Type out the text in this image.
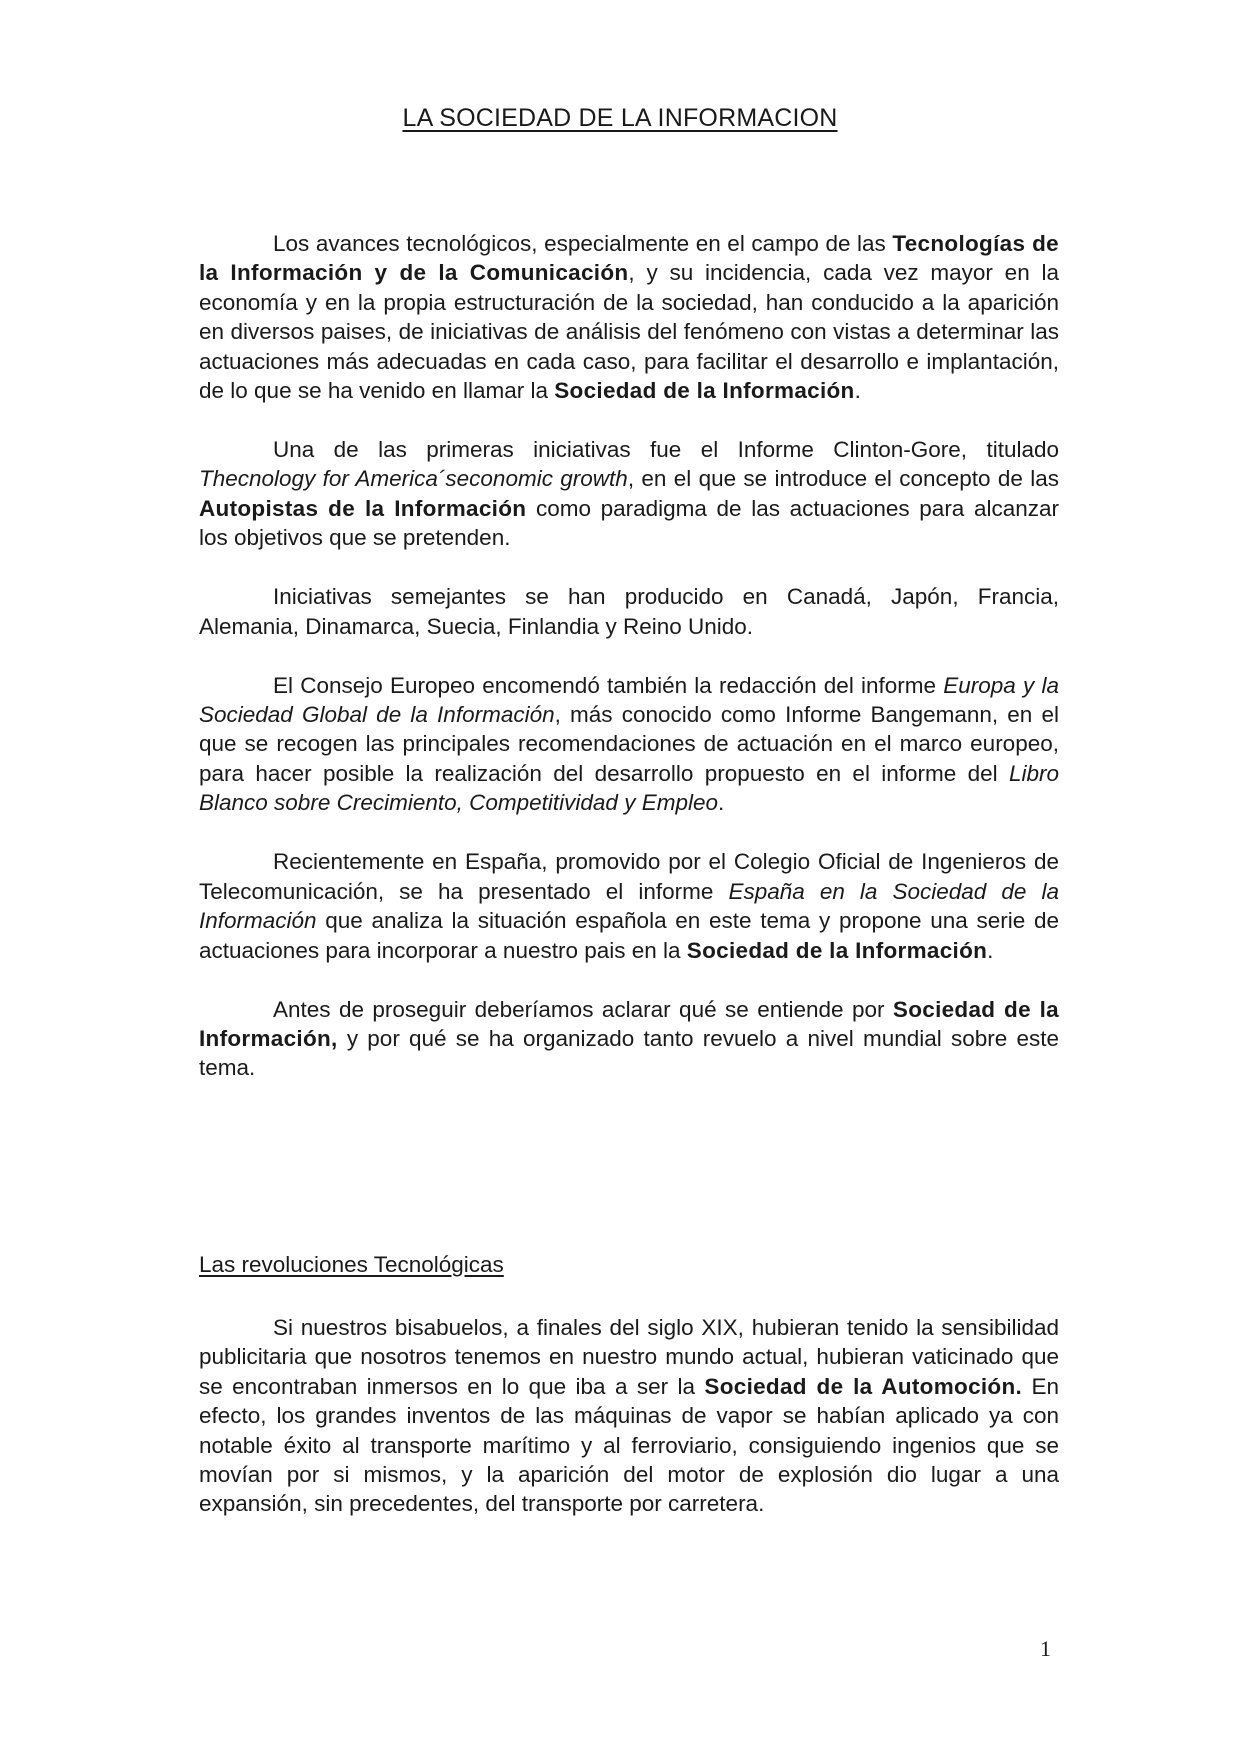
LA SOCIEDAD DE LA INFORMACION

Los avances tecnológicos, especialmente en el campo de las Tecnologías de la Información y de la Comunicación, y su incidencia, cada vez mayor en la economía y en la propia estructuración de la sociedad, han conducido a la aparición en diversos paises, de iniciativas de análisis del fenómeno con vistas a determinar las actuaciones más adecuadas en cada caso, para facilitar el desarrollo e implantación, de lo que se ha venido en llamar la Sociedad de la Información.

Una de las primeras iniciativas fue el Informe Clinton-Gore, titulado Thecnology for America´seconomic growth, en el que se introduce el concepto de las Autopistas de la Información como paradigma de las actuaciones para alcanzar los objetivos que se pretenden.

Iniciativas semejantes se han producido en Canadá, Japón, Francia, Alemania, Dinamarca, Suecia, Finlandia y Reino Unido.

El Consejo Europeo encomendó también la redacción del informe Europa y la Sociedad Global de la Información, más conocido como Informe Bangemann, en el que se recogen las principales recomendaciones de actuación en el marco europeo, para hacer posible la realización del desarrollo propuesto en el informe del Libro Blanco sobre Crecimiento, Competitividad y Empleo.

Recientemente en España, promovido por el Colegio Oficial de Ingenieros de Telecomunicación, se ha presentado el informe España en la Sociedad de la Información que analiza la situación española en este tema y propone una serie de actuaciones para incorporar a nuestro pais en la Sociedad de la Información.

Antes de proseguir deberíamos aclarar qué se entiende por Sociedad de la Información, y por qué se ha organizado tanto revuelo a nivel mundial sobre este tema.

Las revoluciones Tecnológicas

Si nuestros bisabuelos, a finales del siglo XIX, hubieran tenido la sensibilidad publicitaria que nosotros tenemos en nuestro mundo actual, hubieran vaticinado que se encontraban inmersos en lo que iba a ser la Sociedad de la Automoción. En efecto, los grandes inventos de las máquinas de vapor se habían aplicado ya con notable éxito al transporte marítimo y al ferroviario, consiguiendo ingenios que se movían por si mismos, y la aparición del motor de explosión dio lugar a una expansión, sin precedentes, del transporte por carretera.

1
